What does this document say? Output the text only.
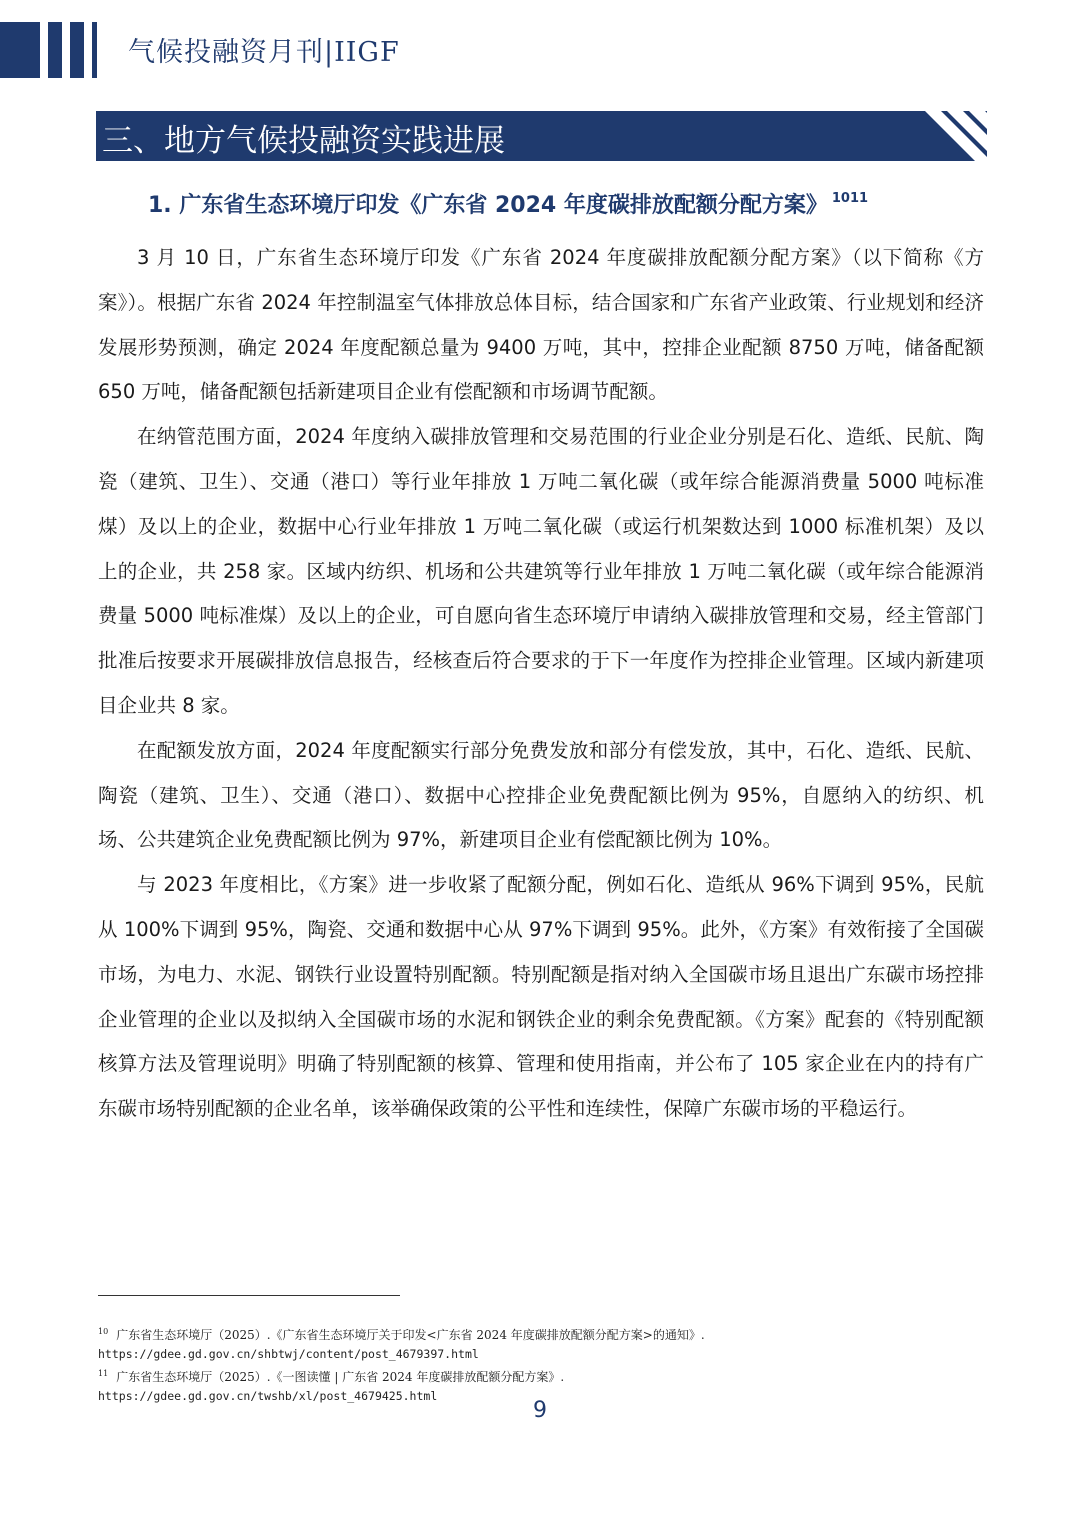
气候投融资月刊|IIGF
三、地方气候投融资实践进展
1. 广东省生态环境厅印发《广东省 2024 年度碳排放配额分配方案》 $^{1011}$

3 月 10 日，广东省生态环境厅印发《广东省 2024 年度碳排放配额分配方案》（以下简称《方案》）。根据广东省 2024 年控制温室气体排放总体目标，结合国家和广东省产业政策、行业规划和经济发展形势预测，确定 2024 年度配额总量为 9400 万吨，其中，控排企业配额 8750 万吨，储备配额 650 万吨，储备配额包括新建项目企业有偿配额和市场调节配额。

在纳管范围方面，2024 年度纳入碳排放管理和交易范围的行业企业分别是石化、造纸、民航、陶瓷（建筑、卫生）、交通（港口）等行业年排放 1 万吨二氧化碳（或年综合能源消费量 5000 吨标准煤）及以上的企业，数据中心行业年排放 1 万吨二氧化碳（或运行机架数达到 1000 标准机架）及以上的企业，共 258 家。区域内纺织、机场和公共建筑等行业年排放 1 万吨二氧化碳（或年综合能源消费量 5000 吨标准煤）及以上的企业，可自愿向省生态环境厅申请纳入碳排放管理和交易，经主管部门批准后按要求开展碳排放信息报告，经核查后符合要求的于下一年度作为控排企业管理。区域内新建项目企业共 8 家。

在配额发放方面，2024 年度配额实行部分免费发放和部分有偿发放，其中，石化、造纸、民航、陶瓷（建筑、卫生）、交通（港口）、数据中心控排企业免费配额比例为 95%，自愿纳入的纺织、机场、公共建筑企业免费配额比例为 97%，新建项目企业有偿配额比例为 10%。

与 2023 年度相比，《方案》进一步收紧了配额分配，例如石化、造纸从 96%下调到 95%，民航从 100%下调到 95%，陶瓷、交通和数据中心从 97%下调到 95%。此外，《方案》有效衔接了全国碳市场，为电力、水泥、钢铁行业设置特别配额。特别配额是指对纳入全国碳市场且退出广东碳市场控排企业管理的企业以及拟纳入全国碳市场的水泥和钢铁企业的剩余免费配额。《方案》配套的《特别配额核算方法及管理说明》明确了特别配额的核算、管理和使用指南，并公布了 105 家企业在内的持有广东碳市场特别配额的企业名单，该举确保政策的公平性和连续性，保障广东碳市场的平稳运行。

$^{10}$ 广东省生态环境厅（2025）.《广东省生态环境厅关于印发<广东省 2024 年度碳排放配额分配方案>的通知》.
https://gdee.gd.gov.cn/shbtwj/content/post_4679397.html
$^{11}$ 广东省生态环境厅（2025）.《一图读懂 | 广东省 2024 年度碳排放配额分配方案》.
https://gdee.gd.gov.cn/twshb/xl/post_4679425.html
9
